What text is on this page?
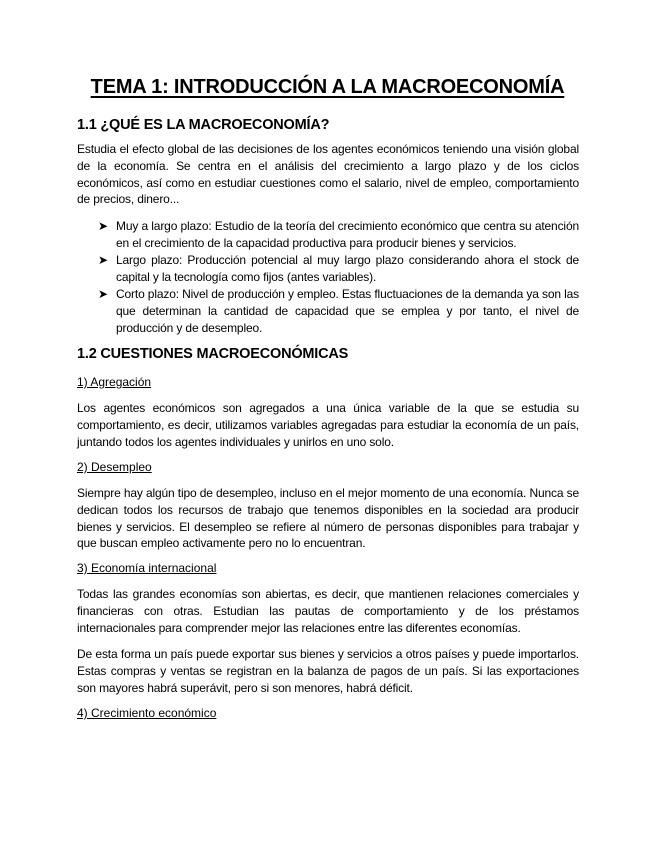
TEMA 1: INTRODUCCIÓN A LA MACROECONOMÍA
1.1 ¿QUÉ ES LA MACROECONOMÍA?
Estudia el efecto global de las decisiones de los agentes económicos teniendo una visión global de la economía. Se centra en el análisis del crecimiento a largo plazo y de los ciclos económicos, así como en estudiar cuestiones como el salario, nivel de empleo, comportamiento de precios, dinero...
➤ Muy a largo plazo: Estudio de la teoría del crecimiento económico que centra su atención en el crecimiento de la capacidad productiva para producir bienes y servicios.
➤ Largo plazo: Producción potencial al muy largo plazo considerando ahora el stock de capital y la tecnología como fijos (antes variables).
➤ Corto plazo: Nivel de producción y empleo. Estas fluctuaciones de la demanda ya son las que determinan la cantidad de capacidad que se emplea y por tanto, el nivel de producción y de desempleo.
1.2 CUESTIONES MACROECONÓMICAS
1) Agregación
Los agentes económicos son agregados a una única variable de la que se estudia su comportamiento, es decir, utilizamos variables agregadas para estudiar la economía de un país, juntando todos los agentes individuales y unirlos en uno solo.
2) Desempleo
Siempre hay algún tipo de desempleo, incluso en el mejor momento de una economía. Nunca se dedican todos los recursos de trabajo que tenemos disponibles en la sociedad ara producir bienes y servicios. El desempleo se refiere al número de personas disponibles para trabajar y que buscan empleo activamente pero no lo encuentran.
3) Economía internacional
Todas las grandes economías son abiertas, es decir, que mantienen relaciones comerciales y financieras con otras. Estudian las pautas de comportamiento y de los préstamos internacionales para comprender mejor las relaciones entre las diferentes economías.
De esta forma un país puede exportar sus bienes y servicios a otros países y puede importarlos. Estas compras y ventas se registran en la balanza de pagos de un país. Si las exportaciones son mayores habrá superávit, pero si son menores, habrá déficit.
4) Crecimiento económico
